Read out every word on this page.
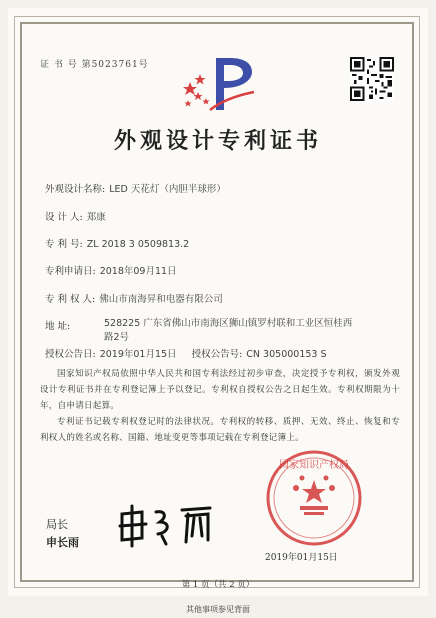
证 书 号 第5023761号
外观设计专利证书
外观设计名称: LED 天花灯（内胆半球形）
设 计 人: 郑康
专 利 号: ZL 2018 3 0509813.2
专利申请日: 2018年09月11日
专 利 权 人: 佛山市南海昇和电器有限公司
地 址:	528225 广东省佛山市南海区狮山镇罗村联和工业区恒桂西路2号
授权公告日: 2019年01月15日 授权公告号: CN 305000153 S
国家知识产权局依照中华人民共和国专利法经过初步审查，决定授予专利权，颁发外观设计专利证书并在专利登记簿上予以登记。专利权自授权公告之日起生效。专利权期限为十年，自申请日起算。
专利证书记载专利权登记时的法律状况。专利权的转移、质押、无效、终止、恢复和专利权人的姓名或名称、国籍、地址变更等事项记载在专利登记簿上。
国家知识产权局
局长
申长雨
2019年01月15日
第 1 页（共 2 页）
其他事项参见背面
